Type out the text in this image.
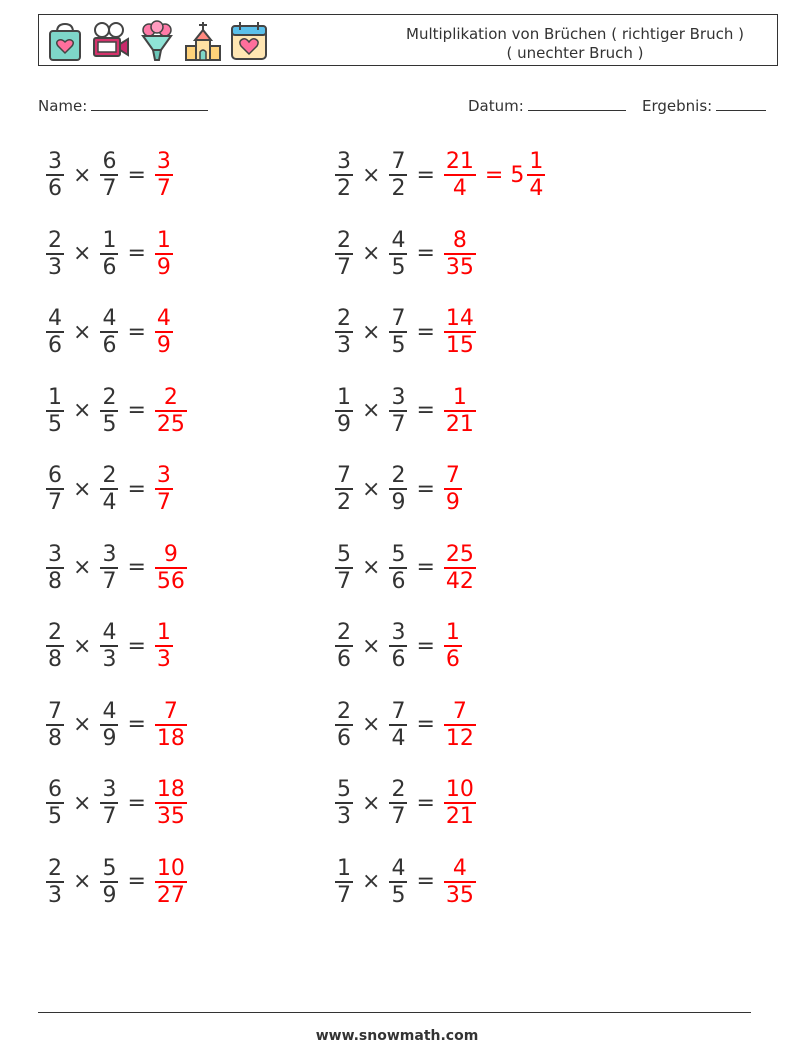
Multiplikation von Brüchen ( richtiger Bruch )
( unechter Bruch )
Name:	Datum:	Ergebnis:
$\frac{3}{6} \times \frac{6}{7} = \frac{3}{7}$
$\frac{2}{3} \times \frac{1}{6} = \frac{1}{9}$
$\frac{4}{6} \times \frac{4}{6} = \frac{4}{9}$
$\frac{1}{5} \times \frac{2}{5} = \frac{2}{25}$
$\frac{6}{7} \times \frac{2}{4} = \frac{3}{7}$
$\frac{3}{8} \times \frac{3}{7} = \frac{9}{56}$
$\frac{2}{8} \times \frac{4}{3} = \frac{1}{3}$
$\frac{7}{8} \times \frac{4}{9} = \frac{7}{18}$
$\frac{6}{5} \times \frac{3}{7} = \frac{18}{35}$
$\frac{2}{3} \times \frac{5}{9} = \frac{10}{27}$
$\frac{3}{2} \times \frac{7}{2} = \frac{21}{4} = 5 \frac{1}{4}$
$\frac{2}{7} \times \frac{4}{5} = \frac{8}{35}$
$\frac{2}{3} \times \frac{7}{5} = \frac{14}{15}$
$\frac{1}{9} \times \frac{3}{7} = \frac{1}{21}$
$\frac{7}{2} \times \frac{2}{9} = \frac{7}{9}$
$\frac{5}{7} \times \frac{5}{6} = \frac{25}{42}$
$\frac{2}{6} \times \frac{3}{6} = \frac{1}{6}$
$\frac{2}{6} \times \frac{7}{4} = \frac{7}{12}$
$\frac{5}{3} \times \frac{2}{7} = \frac{10}{21}$
$\frac{1}{7} \times \frac{4}{5} = \frac{4}{35}$
www.snowmath.com
